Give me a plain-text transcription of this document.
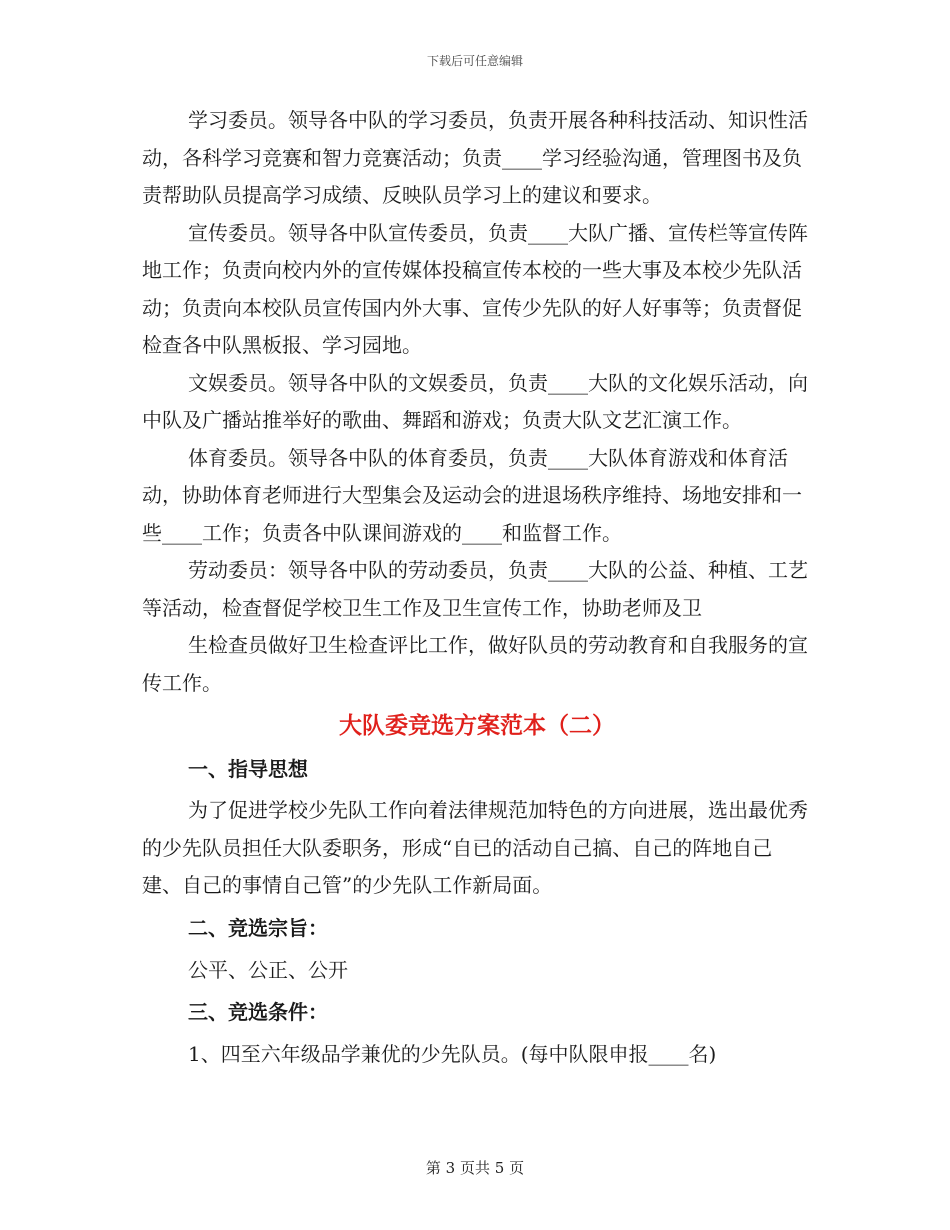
下载后可任意编辑

学习委员。领导各中队的学习委员，负责开展各种科技活动、知识性活动，各科学习竞赛和智力竞赛活动；负责____学习经验沟通，管理图书及负责帮助队员提高学习成绩、反映队员学习上的建议和要求。

宣传委员。领导各中队宣传委员，负责____大队广播、宣传栏等宣传阵地工作；负责向校内外的宣传媒体投稿宣传本校的一些大事及本校少先队活动；负责向本校队员宣传国内外大事、宣传少先队的好人好事等；负责督促检查各中队黑板报、学习园地。

文娱委员。领导各中队的文娱委员，负责____大队的文化娱乐活动，向中队及广播站推举好的歌曲、舞蹈和游戏；负责大队文艺汇演工作。

体育委员。领导各中队的体育委员，负责____大队体育游戏和体育活动，协助体育老师进行大型集会及运动会的进退场秩序维持、场地安排和一些____工作；负责各中队课间游戏的____和监督工作。

劳动委员：领导各中队的劳动委员，负责____大队的公益、种植、工艺等活动，检查督促学校卫生工作及卫生宣传工作，协助老师及卫

生检查员做好卫生检查评比工作，做好队员的劳动教育和自我服务的宣传工作。

大队委竞选方案范本（二）
一、指导思想

为了促进学校少先队工作向着法律规范加特色的方向进展，选出最优秀的少先队员担任大队委职务，形成“自已的活动自己搞、自己的阵地自己建、自己的事情自己管”的少先队工作新局面。

二、竞选宗旨：

公平、公正、公开

三、竞选条件：

1、四至六年级品学兼优的少先队员。(每中队限申报____名)

第 3 页共 5 页
